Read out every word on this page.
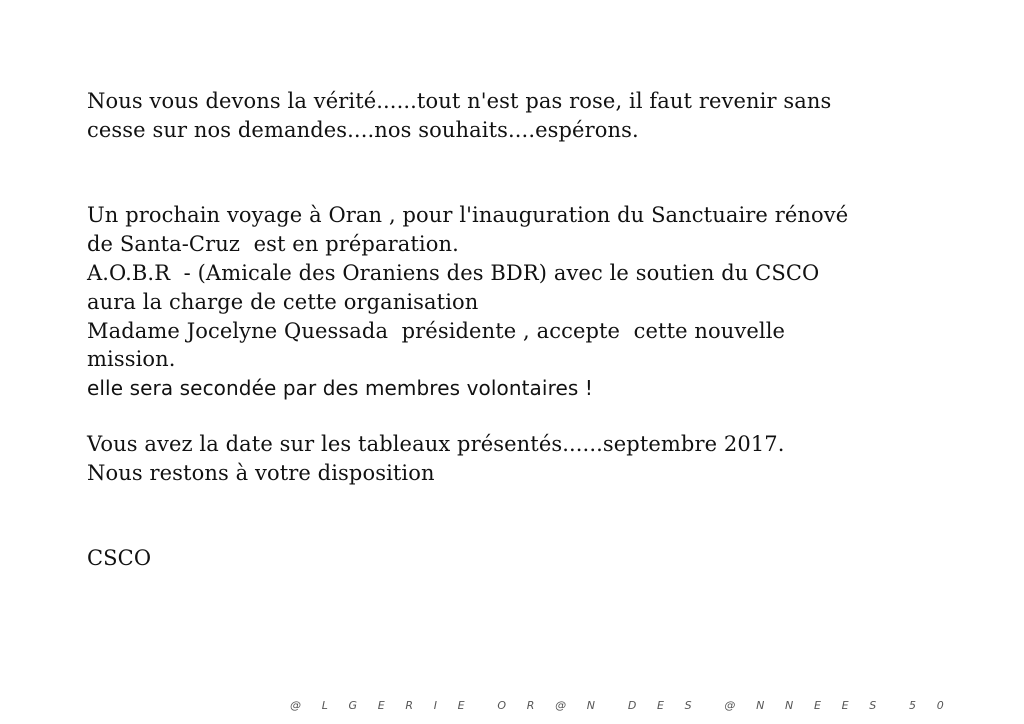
Nous vous devons la vérité......tout n'est pas rose, il faut revenir sans

cesse sur nos demandes....nos souhaits....espérons.

Un prochain voyage à Oran , pour l'inauguration du Sanctuaire rénové

de Santa-Cruz  est en préparation.

A.O.B.R  - (Amicale des Oraniens des BDR) avec le soutien du CSCO

aura la charge de cette organisation

Madame Jocelyne Quessada  présidente , accepte  cette nouvelle

mission.

elle sera secondée par des membres volontaires !

Vous avez la date sur les tableaux présentés......septembre 2017.

Nous restons à votre disposition

CSCO

@ L G E R I E  O R @ N  D E S  @ N N E E S  5 0
